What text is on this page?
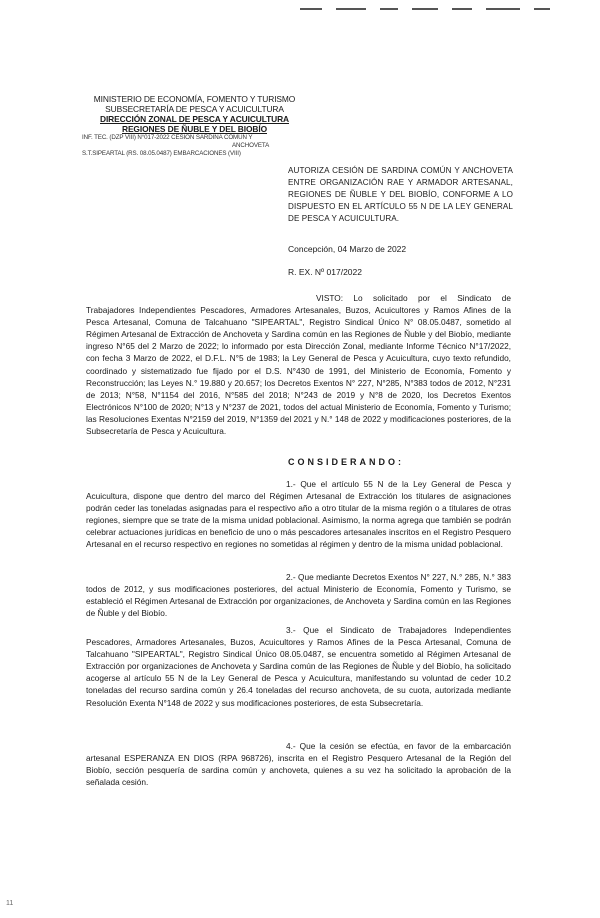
MINISTERIO DE ECONOMÍA, FOMENTO Y TURISMO
SUBSECRETARÍA DE PESCA Y ACUICULTURA
DIRECCIÓN ZONAL DE PESCA Y ACUICULTURA
REGIONES DE ÑUBLE Y DEL BIOBÍO
INF. TEC. (DZP VIII) N°017-2022 CESIÓN SARDINA COMÚN Y
ANCHOVETA
S.T.SIPEARTAL (RS. 08.05.0487) EMBARCACIONES (VIII)
AUTORIZA CESIÓN DE SARDINA COMÚN Y ANCHOVETA ENTRE ORGANIZACIÓN RAE Y ARMADOR ARTESANAL, REGIONES DE ÑUBLE Y DEL BIOBÍO, CONFORME A LO DISPUESTO EN EL ARTÍCULO 55 N DE LA LEY GENERAL DE PESCA Y ACUICULTURA.
Concepción, 04 Marzo de 2022
R. EX. Nº 017/2022

VISTO: Lo solicitado por el Sindicato de Trabajadores Independientes Pescadores, Armadores Artesanales, Buzos, Acuicultores y Ramos Afines de la Pesca Artesanal, Comuna de Talcahuano "SIPEARTAL", Registro Sindical Único N° 08.05.0487, sometido al Régimen Artesanal de Extracción de Anchoveta y Sardina común en las Regiones de Ñuble y del Biobío, mediante ingreso N°65 del 2 Marzo de 2022; lo informado por esta Dirección Zonal, mediante Informe Técnico N°17/2022, con fecha 3 Marzo de 2022, el D.F.L. N°5 de 1983; la Ley General de Pesca y Acuicultura, cuyo texto refundido, coordinado y sistematizado fue fijado por el D.S. N°430 de 1991, del Ministerio de Economía, Fomento y Reconstrucción; las Leyes N.° 19.880 y 20.657; los Decretos Exentos N° 227, N°285, N°383 todos de 2012, N°231 de 2013; N°58, N°1154 del 2016, N°585 del 2018; N°243 de 2019 y N°8 de 2020, los Decretos Exentos Electrónicos N°100 de 2020; N°13 y N°237 de 2021, todos del actual Ministerio de Economía, Fomento y Turismo; las Resoluciones Exentas N°2159 del 2019, N°1359 del 2021 y N.° 148 de 2022 y modificaciones posteriores, de la Subsecretaría de Pesca y Acuicultura.

CONSIDERANDO:

1.- Que el artículo 55 N de la Ley General de Pesca y Acuicultura, dispone que dentro del marco del Régimen Artesanal de Extracción los titulares de asignaciones podrán ceder las toneladas asignadas para el respectivo año a otro titular de la misma región o a titulares de otras regiones, siempre que se trate de la misma unidad poblacional. Asimismo, la norma agrega que también se podrán celebrar actuaciones jurídicas en beneficio de uno o más pescadores artesanales inscritos en el Registro Pesquero Artesanal en el recurso respectivo en regiones no sometidas al régimen y dentro de la misma unidad poblacional.

2.- Que mediante Decretos Exentos N° 227, N.° 285, N.° 383 todos de 2012, y sus modificaciones posteriores, del actual Ministerio de Economía, Fomento y Turismo, se estableció el Régimen Artesanal de Extracción por organizaciones, de Anchoveta y Sardina común en las Regiones de Ñuble y del Biobío.

3.- Que el Sindicato de Trabajadores Independientes Pescadores, Armadores Artesanales, Buzos, Acuicultores y Ramos Afines de la Pesca Artesanal, Comuna de Talcahuano "SIPEARTAL", Registro Sindical Único 08.05.0487, se encuentra sometido al Régimen Artesanal de Extracción por organizaciones de Anchoveta y Sardina común de las Regiones de Ñuble y del Biobío, ha solicitado acogerse al artículo 55 N de la Ley General de Pesca y Acuicultura, manifestando su voluntad de ceder 10.2 toneladas del recurso sardina común y 26.4 toneladas del recurso anchoveta, de su cuota, autorizada mediante Resolución Exenta N°148 de 2022 y sus modificaciones posteriores, de esta Subsecretaría.

4.- Que la cesión se efectúa, en favor de la embarcación artesanal ESPERANZA EN DIOS (RPA 968726), inscrita en el Registro Pesquero Artesanal de la Región del Biobío, sección pesquería de sardina común y anchoveta, quienes a su vez ha solicitado la aprobación de la señalada cesión.

11
